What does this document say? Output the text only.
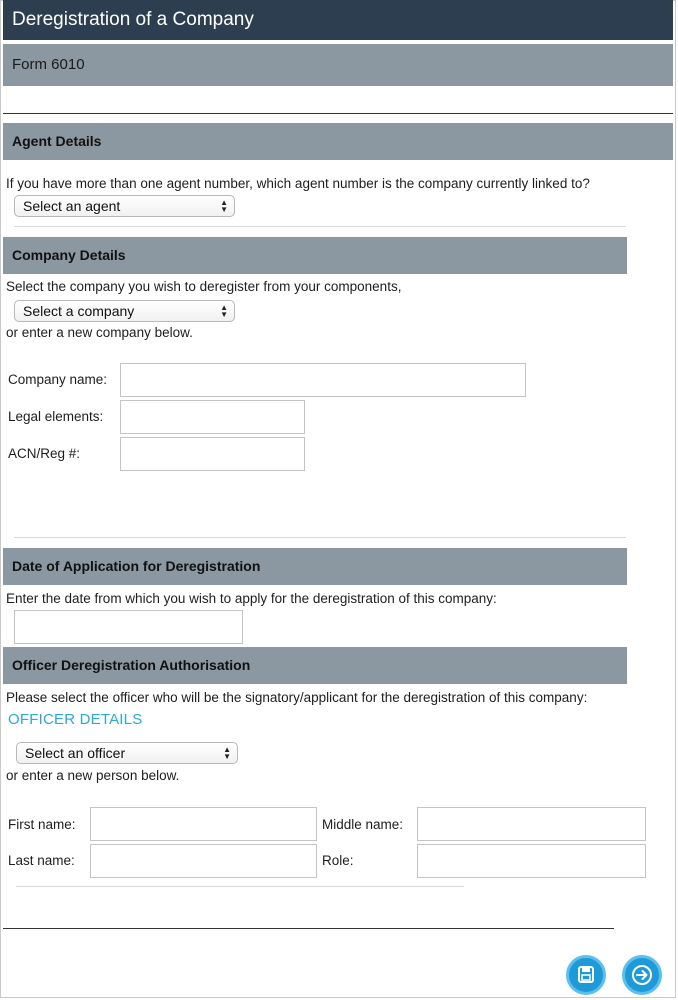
Deregistration of a Company
Form 6010
Agent Details
If you have more than one agent number, which agent number is the company currently linked to?
Select an agent	▲
▼
Company Details
Select the company you wish to deregister from your components,
Select a company	▲
▼
or enter a new company below.
Company name:
Legal elements:
ACN/Reg #:
Date of Application for Deregistration
Enter the date from which you wish to apply for the deregistration of this company:
Officer Deregistration Authorisation
Please select the officer who will be the signatory/applicant for the deregistration of this company:
OFFICER DETAILS
Select an officer	▲
▼
or enter a new person below.
First name:	Middle name:
Last name:	Role:
